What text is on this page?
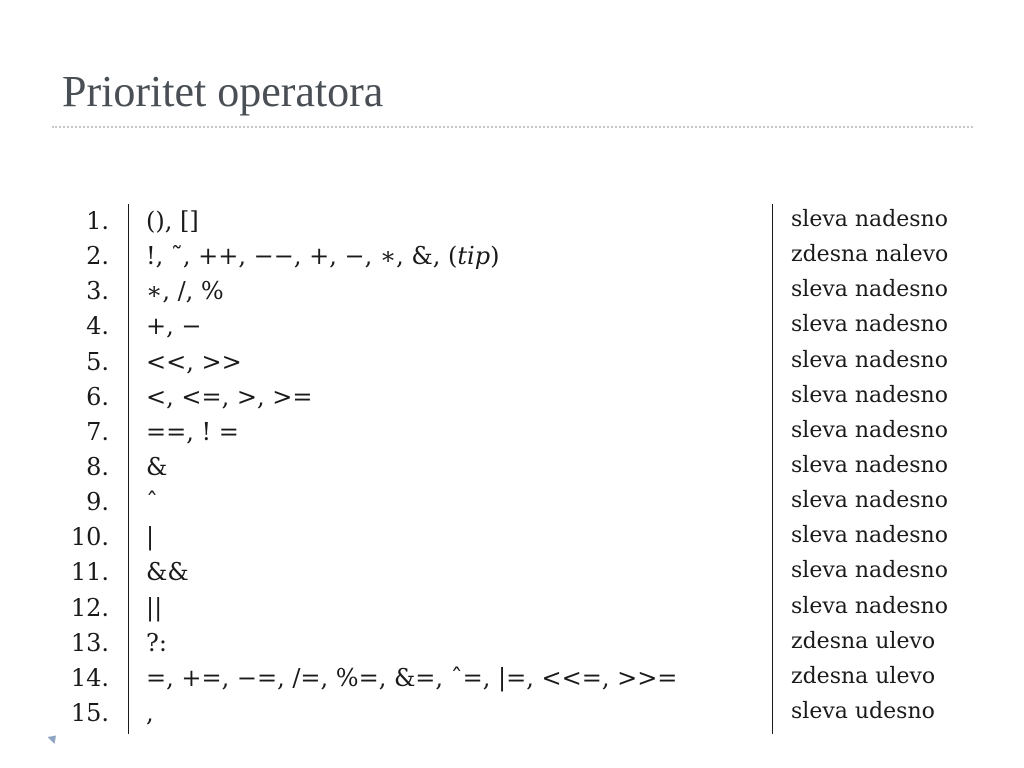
Prioritet operatora
1. (), []	sleva nadesno
2. !, ˜, ++, −−, +, −, ∗, &, (tip)	zdesna nalevo
3. ∗, /, %	sleva nadesno
4. +, −	sleva nadesno
5. <<, >>	sleva nadesno
6. <, <=, >, >=	sleva nadesno
7. ==, ! =	sleva nadesno
8. &	sleva nadesno
9. ˆ	sleva nadesno
10. |	sleva nadesno
11. &&	sleva nadesno
12. ||	sleva nadesno
13. ?:	zdesna ulevo
14. =, +=, −=, /=, %=, &=, ˆ=, |=, <<=, >>=	zdesna ulevo
15. ,	sleva udesno
